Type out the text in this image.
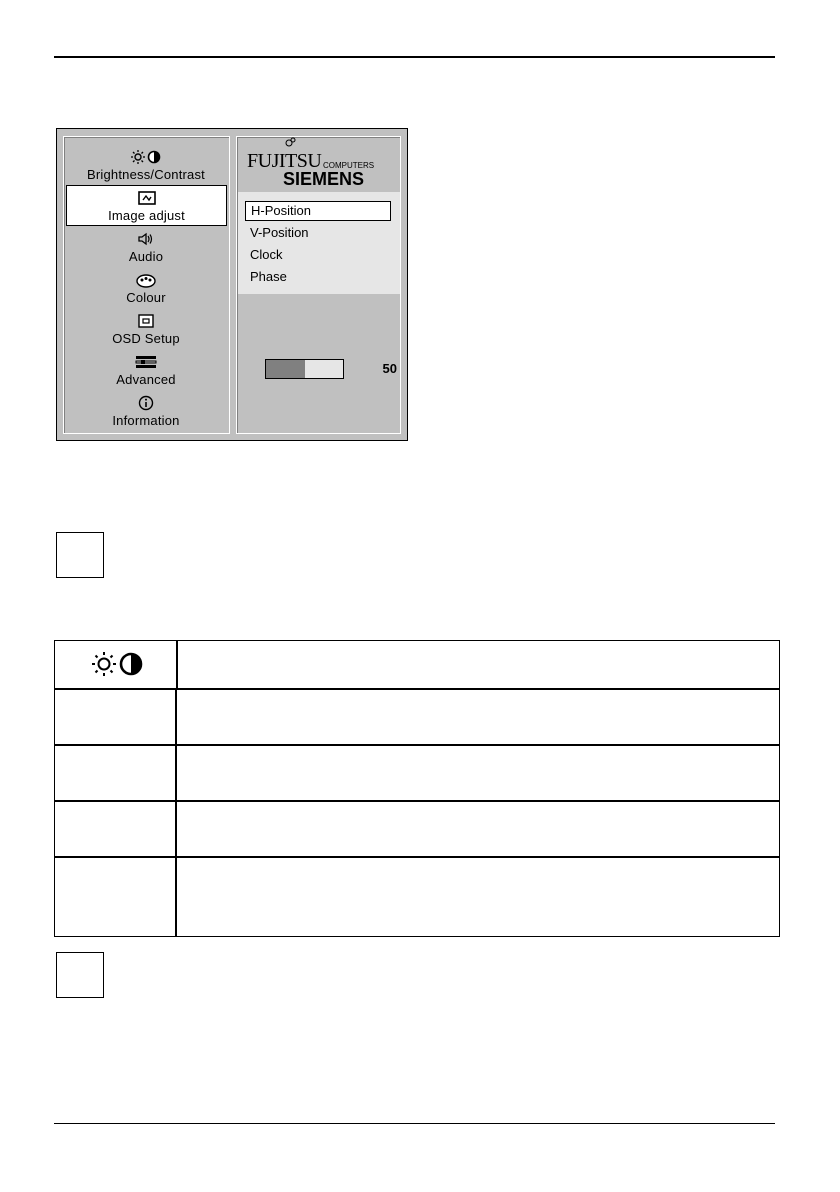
Brightness/Contrast
Image adjust
Audio
Colour
OSD Setup
Advanced
Information
FUJITSU COMPUTERS
SIEMENS
H-Position
V-Position
Clock
Phase
50
